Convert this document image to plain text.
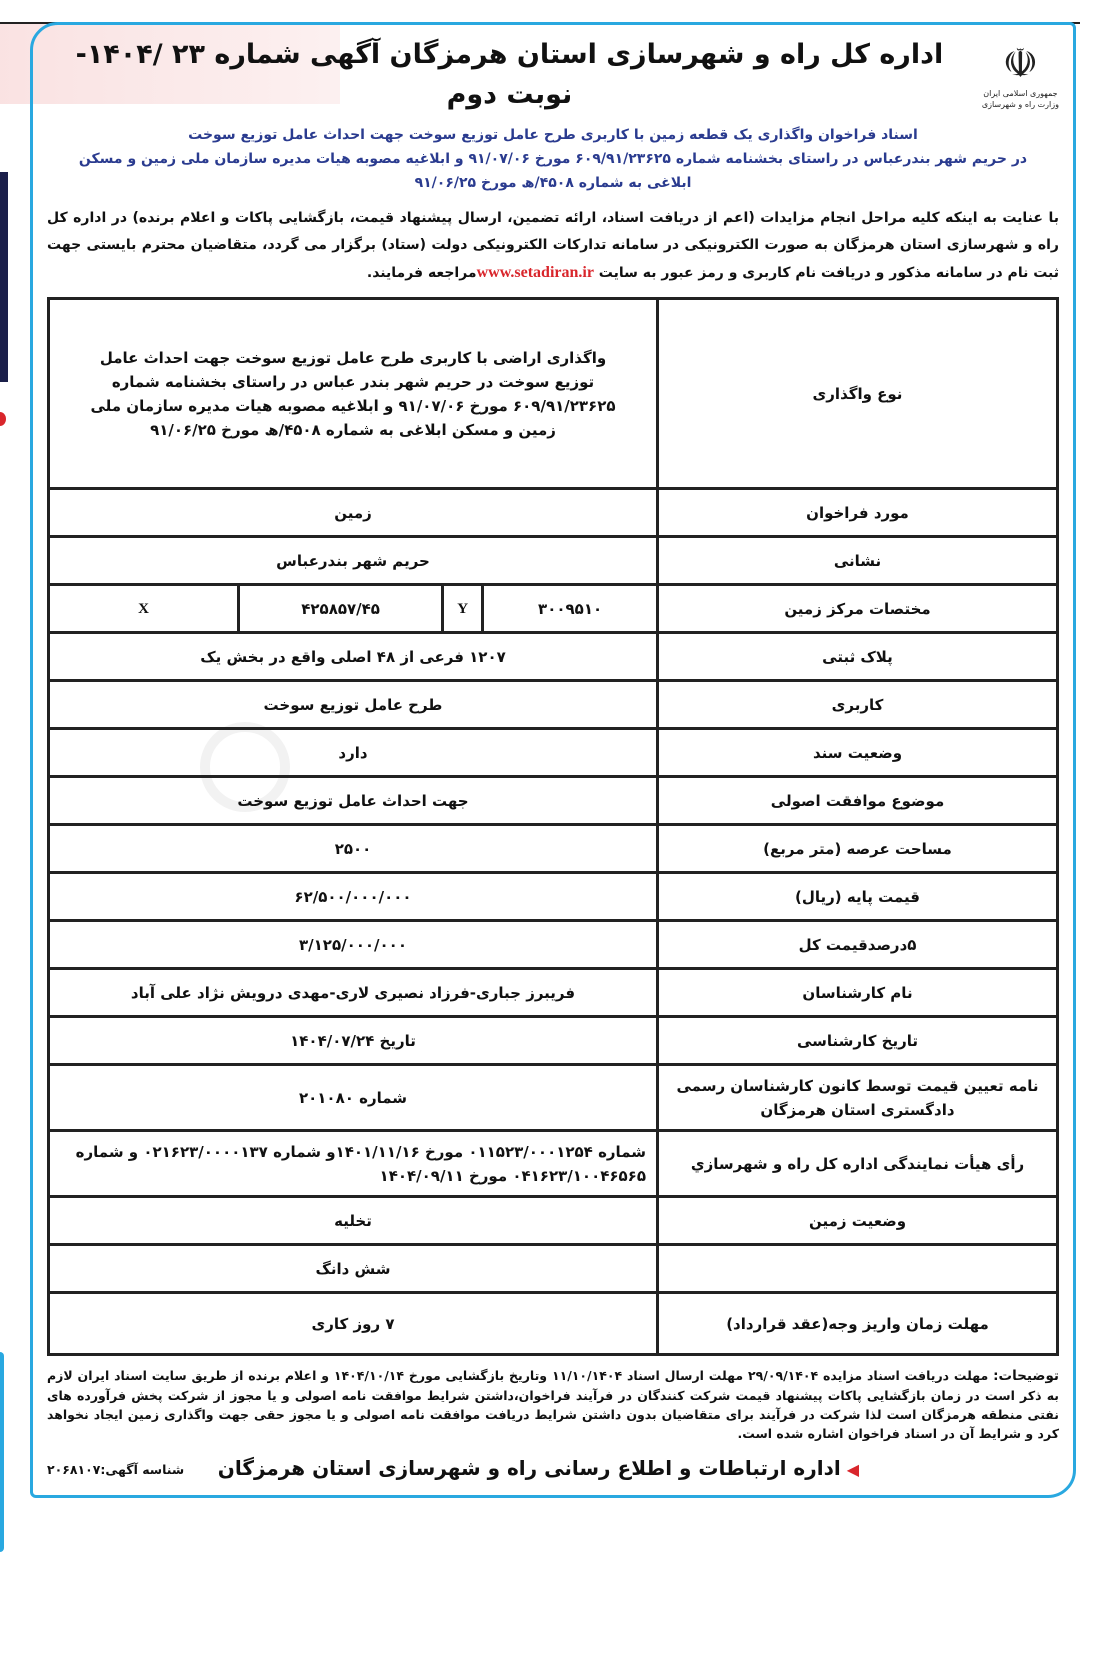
☫
جمهوری اسلامی ایران
وزارت راه و شهرسازی
اداره کل راه و شهرسازی استان هرمزگان آگهی شماره ۲۳ /۱۴۰۴-نوبت دوم
اسناد فراخوان واگذاری یک قطعه زمین با کاربری طرح عامل توزیع سوخت جهت احداث عامل توزیع سوخت
در حریم شهر بندرعباس در راستای بخشنامه شماره ۶۰۹/۹۱/۲۳۶۲۵ مورخ ۹۱/۰۷/۰۶ و ابلاغیه مصوبه هیات مدیره سازمان ملی زمین و مسکن
ابلاغی به شماره ۴۵۰۸/ھ مورخ ۹۱/۰۶/۲۵
با عنایت به اینکه کلیه مراحل انجام مزایدات (اعم از دریافت اسناد، ارائه تضمین، ارسال پیشنهاد قیمت، بازگشایی پاکات و اعلام برنده) در اداره کل راه و شهرسازی استان هرمزگان به صورت الکترونیکی در سامانه تدارکات الکترونیکی دولت (ستاد) برگزار می گردد، متقاضیان محترم بایستی جهت ثبت نام در سامانه مذکور و دریافت نام کاربری و رمز عبور به سایت www.setadiran.irمراجعه فرمایند.
نوع واگذاری	واگذاری اراضی با کاربری طرح عامل توزیع سوخت جهت احداث عامل توزیع سوخت در حریم شهر بندر عباس در راستای بخشنامه شماره ۶۰۹/۹۱/۲۳۶۲۵ مورخ ۹۱/۰۷/۰۶ و ابلاغیه مصوبه هیات مدیره سازمان ملی زمین و مسکن ابلاغی به شماره ۴۵۰۸/ھ مورخ ۹۱/۰۶/۲۵			
مورد فراخوان	زمین			
نشانی	حریم شهر بندرعباس			
مختصات مرکز زمین	۳۰۰۹۵۱۰	Y	۴۲۵۸۵۷/۴۵	X
پلاک ثبتی	۱۲۰۷ فرعی از ۴۸ اصلی واقع در بخش یک			
کاربری	طرح عامل توزیع سوخت			
وضعیت سند	دارد			
موضوع موافقت اصولی	جهت احداث عامل توزیع سوخت			
مساحت عرصه (متر مربع)	۲۵۰۰			
قیمت پایه (ریال)	۶۲/۵۰۰/۰۰۰/۰۰۰			
۵درصدقیمت کل	۳/۱۲۵/۰۰۰/۰۰۰			
نام کارشناسان	فریبرز جباری-فرزاد نصیری لاری-مهدی درویش نژاد علی آباد			
تاریخ کارشناسی	تاریخ ۱۴۰۴/۰۷/۲۴			
نامه تعیین قیمت توسط کانون کارشناسان رسمی دادگستری استان هرمزگان	شماره ۲۰۱۰۸۰			
رأی هیأت نمایندگی اداره کل راه و شهرسازي	شماره ۰۱۱۵۲۳/۰۰۰۱۲۵۴ مورخ ۱۴۰۱/۱۱/۱۶و شماره ۰۲۱۶۲۳/۰۰۰۰۱۳۷ و شماره ۰۴۱۶۲۳/۱۰۰۴۶۵۶۵ مورخ ۱۴۰۴/۰۹/۱۱			
وضعیت زمین	تخلیه			
	شش دانگ			
مهلت زمان واریز وجه(عقد قرارداد)	۷ روز کاری			
توضیحات: مهلت دریافت اسناد مزایده ۲۹/۰۹/۱۴۰۴ مهلت ارسال اسناد ۱۱/۱۰/۱۴۰۴ وتاریخ بازگشایی مورخ ۱۴۰۴/۱۰/۱۴ و اعلام برنده از طریق سایت اسناد ایران لازم به ذکر است در زمان بازگشایی پاکات پیشنهاد قیمت شرکت کنندگان در فرآیند فراخوان،داشتن شرایط موافقت نامه اصولی و یا مجوز از شرکت پخش فرآورده های نفتی منطقه هرمزگان است لذا شرکت در فرآیند برای متقاضیان بدون داشتن شرایط دریافت موافقت نامه اصولی و یا مجوز حقی جهت واگذاری زمین ایجاد نخواهد کرد و شرایط آن در اسناد فراخوان اشاره شده است.
◀اداره ارتباطات و اطلاع رسانی راه و شهرسازی استان هرمزگان
شناسه آگهی:۲۰۶۸۱۰۷
